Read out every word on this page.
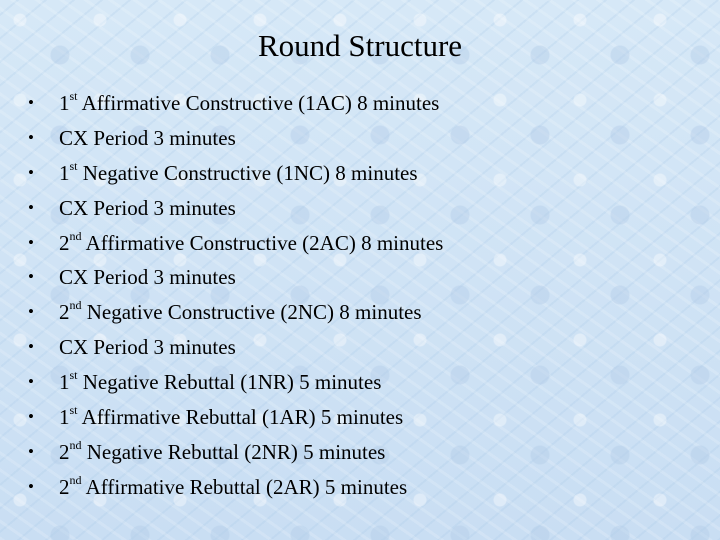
Round Structure
• 1st Affirmative Constructive (1AC) 8 minutes
• CX Period 3 minutes
• 1st Negative Constructive (1NC) 8 minutes
• CX Period 3 minutes
• 2nd Affirmative Constructive (2AC) 8 minutes
• CX Period 3 minutes
• 2nd Negative Constructive (2NC) 8 minutes
• CX Period 3 minutes
• 1st Negative Rebuttal (1NR) 5 minutes
• 1st Affirmative Rebuttal (1AR) 5 minutes
• 2nd Negative Rebuttal (2NR) 5 minutes
• 2nd Affirmative Rebuttal (2AR) 5 minutes
